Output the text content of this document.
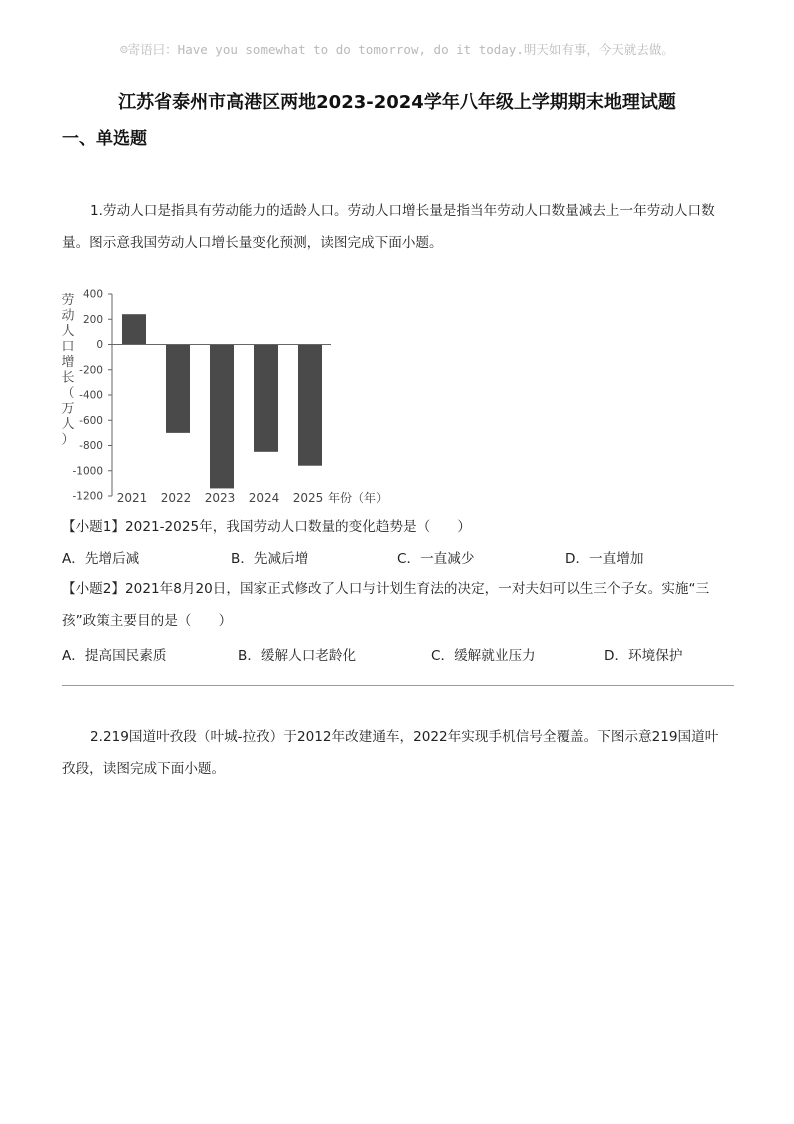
☺寄语曰：Have you somewhat to do tomorrow, do it today.明天如有事，今天就去做。
江苏省泰州市高港区两地2023-2024学年八年级上学期期末地理试题
一、单选题
1.劳动人口是指具有劳动能力的适龄人口。劳动人口增长量是指当年劳动人口数量减去上一年劳动人口数
量。图示意我国劳动人口增长量变化预测，读图完成下面小题。
劳
动
人
口
增
长
（
万
人
）
400
200
0
-200
-400
-600
-800
-1000
-1200 2021 2022 2023 2024 2025 年份（年）
【小题1】2021-2025年，我国劳动人口数量的变化趋势是（　　）
A．先增后减	B．先减后增	C．一直减少	D．一直增加
【小题2】2021年8月20日，国家正式修改了人口与计划生育法的决定，一对夫妇可以生三个子女。实施“三
孩”政策主要目的是（　　）
A．提高国民素质	B．缓解人口老龄化	C．缓解就业压力	D．环境保护
2.219国道叶孜段（叶城-拉孜）于2012年改建通车，2022年实现手机信号全覆盖。下图示意219国道叶
孜段，读图完成下面小题。
